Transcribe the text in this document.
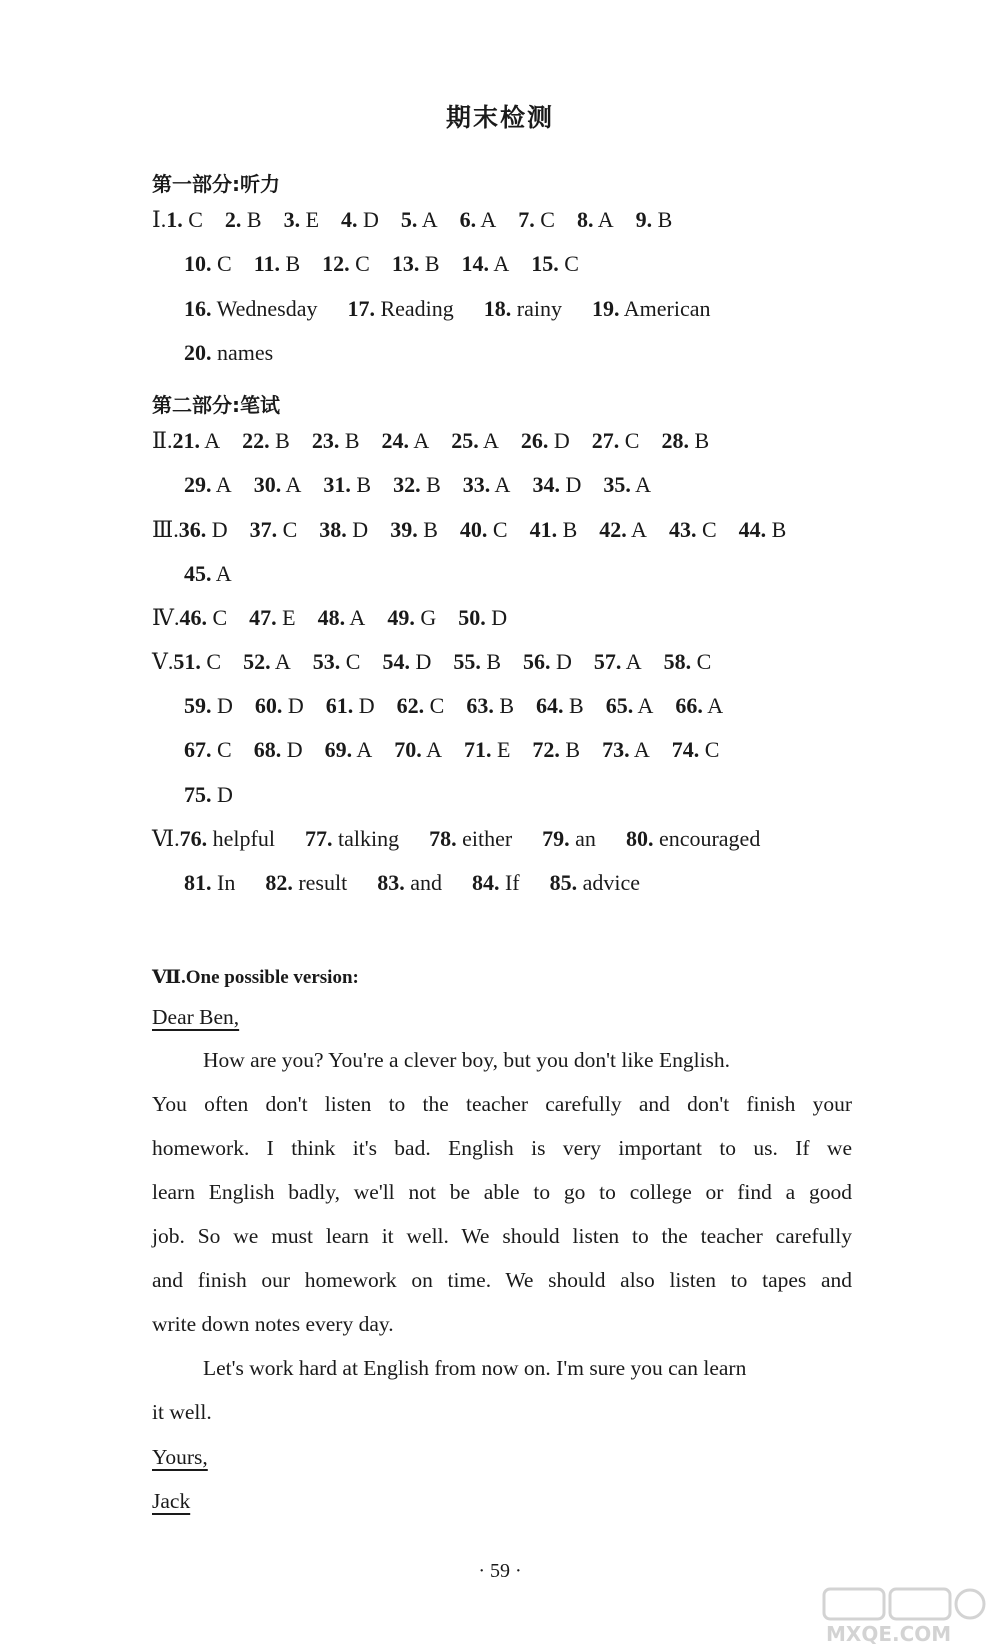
期末检测
第一部分:听力
Ⅰ.1. C 2. B 3. E 4. D 5. A 6. A 7. C 8. A 9. B
10. C 11. B 12. C 13. B 14. A 15. C
16. Wednesday 17. Reading 18. rainy 19. American
20. names
第二部分:笔试
Ⅱ.21. A 22. B 23. B 24. A 25. A 26. D 27. C 28. B
29. A 30. A 31. B 32. B 33. A 34. D 35. A
Ⅲ.36. D 37. C 38. D 39. B 40. C 41. B 42. A 43. C 44. B
45. A
Ⅳ.46. C 47. E 48. A 49. G 50. D
Ⅴ.51. C 52. A 53. C 54. D 55. B 56. D 57. A 58. C
59. D 60. D 61. D 62. C 63. B 64. B 65. A 66. A
67. C 68. D 69. A 70. A 71. E 72. B 73. A 74. C
75. D
Ⅵ.76. helpful 77. talking 78. either 79. an 80. encouraged
81. In 82. result 83. and 84. If 85. advice
Ⅶ.One possible version:
Dear Ben,
How are you? You're a clever boy, but you don't like English.
You often don't listen to the teacher carefully and don't finish your
homework. I think it's bad. English is very important to us. If we
learn English badly, we'll not be able to go to college or find a good
job. So we must learn it well. We should listen to the teacher carefully
and finish our homework on time. We should also listen to tapes and
write down notes every day.
Let's work hard at English from now on. I'm sure you can learn
it well.
Yours,
Jack
· 59 ·
MXQE.COM
